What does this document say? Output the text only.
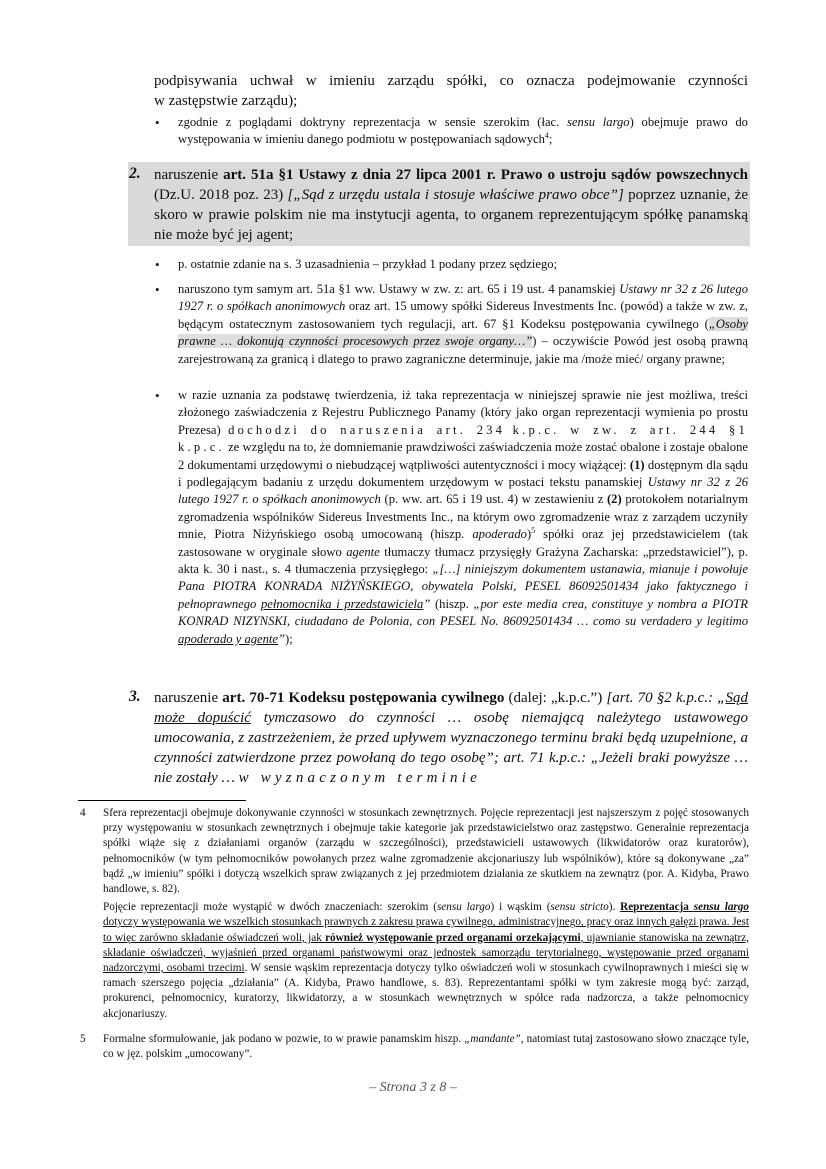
podpisywania uchwał w imieniu zarządu spółki, co oznacza podejmowanie czynności
w zastępstwie zarządu);
• zgodnie z poglądami doktryny reprezentacja w sensie szerokim (łac. sensu largo) obejmuje prawo do występowania w imieniu danego podmiotu w postępowaniach sądowych$^4$;
2. naruszenie art. 51a §1 Ustawy z dnia 27 lipca 2001 r. Prawo o ustroju sądów powszechnych (Dz.U. 2018 poz. 23) [„Sąd z urzędu ustala i stosuje właściwe prawo obce”] poprzez uznanie, że skoro w prawie polskim nie ma instytucji agenta, to organem reprezentującym spółkę panamską nie może być jej agent;
• p. ostatnie zdanie na s. 3 uzasadnienia – przykład 1 podany przez sędziego;
• naruszono tym samym art. 51a §1 ww. Ustawy w zw. z: art. 65 i 19 ust. 4 panamskiej Ustawy nr 32 z 26 lutego 1927 r. o spółkach anonimowych oraz art. 15 umowy spółki Sidereus Investments Inc. (powód) a także w zw. z, będącym ostatecznym zastosowaniem tych regulacji, art. 67 §1 Kodeksu postępowania cywilnego („Osoby prawne … dokonują czynności procesowych przez swoje organy…”) – oczywiście Powód jest osobą prawną zarejestrowaną za granicą i dlatego to prawo zagraniczne determinuje, jakie ma /może mieć/ organy prawne;
• w razie uznania za podstawę twierdzenia, iż taka reprezentacja w niniejszej sprawie nie jest możliwa, treści złożonego zaświadczenia z Rejestru Publicznego Panamy (który jako organ reprezentacji wymienia po prostu Prezesa) dochodzi do naruszenia art. 234 k.p.c. w zw. z art. 244 §1 k.p.c. ze względu na to, że domniemanie prawdziwości zaświadczenia może zostać obalone i zostaje obalone 2 dokumentami urzędowymi o niebudzącej wątpliwości autentyczności i mocy wiążącej: (1) dostępnym dla sądu i podlegającym badaniu z urzędu dokumentem urzędowym w postaci tekstu panamskiej Ustawy nr 32 z 26 lutego 1927 r. o spółkach anonimowych (p. ww. art. 65 i 19 ust. 4) w zestawieniu z (2) protokołem notarialnym zgromadzenia wspólników Sidereus Investments Inc., na którym owo zgromadzenie wraz z zarządem uczyniły mnie, Piotra Niżyńskiego osobą umocowaną (hiszp. apoderado)$^5$ spółki oraz jej przedstawicielem (tak zastosowane w oryginale słowo agente tłumaczy tłumacz przysięgły Grażyna Zacharska: „przedstawiciel”), p. akta k. 30 i nast., s. 4 tłumaczenia przysięgłego: „[…] niniejszym dokumentem ustanawia, mianuje i powołuje Pana PIOTRA KONRADA NIŻYŃSKIEGO, obywatela Polski, PESEL 86092501434 jako faktycznego i pełnoprawnego pełnomocnika i przedstawiciela” (hiszp. „por este media crea, constituye y nombra a PIOTR KONRAD NIZYNSKI, ciudadano de Polonia, con PESEL No. 86092501434 … como su verdadero y legitimo apoderado y agente”);
3. naruszenie art. 70-71 Kodeksu postępowania cywilnego (dalej: „k.p.c.”) [art. 70 §2 k.p.c.: „Sąd może dopuścić tymczasowo do czynności … osobę niemającą należytego ustawowego umocowania, z zastrzeżeniem, że przed upływem wyznaczonego terminu braki będą uzupełnione, a czynności zatwierdzone przez powołaną do tego osobę”; art. 71 k.p.c.: „Jeżeli braki powyższe … nie zostały … w wyznaczonym terminie
4 Sfera reprezentacji obejmuje dokonywanie czynności w stosunkach zewnętrznych. Pojęcie reprezentacji jest najszerszym z pojęć stosowanych przy występowaniu w stosunkach zewnętrznych i obejmuje takie kategorie jak przedstawicielstwo oraz zastępstwo. Generalnie reprezentacja spółki wiąże się z działaniami organów (zarządu w szczególności), przedstawicieli ustawowych (likwidatorów oraz kuratorów), pełnomocników (w tym pełnomocników powołanych przez walne zgromadzenie akcjonariuszy lub wspólników), które są dokonywane „za” bądź „w imieniu” spółki i dotyczą wszelkich spraw związanych z jej przedmiotem działania ze skutkiem na zewnątrz (por. A. Kidyba, Prawo handlowe, s. 82).
Pojęcie reprezentacji może wystąpić w dwóch znaczeniach: szerokim (sensu largo) i wąskim (sensu stricto). Reprezentacja sensu largo dotyczy występowania we wszelkich stosunkach prawnych z zakresu prawa cywilnego, administracyjnego, pracy oraz innych gałęzi prawa. Jest to więc zarówno składanie oświadczeń woli, jak również występowanie przed organami orzekającymi, ujawnianie stanowiska na zewnątrz, składanie oświadczeń, wyjaśnień przed organami państwowymi oraz jednostek samorządu terytorialnego, występowanie przed organami nadzorczymi, osobami trzecimi. W sensie wąskim reprezentacja dotyczy tylko oświadczeń woli w stosunkach cywilnoprawnych i mieści się w ramach szerszego pojęcia „działania” (A. Kidyba, Prawo handlowe, s. 83). Reprezentantami spółki w tym zakresie mogą być: zarząd, prokurenci, pełnomocnicy, kuratorzy, likwidatorzy, a w stosunkach wewnętrznych w spółce rada nadzorcza, a także pełnomocnicy akcjonariuszy.
5 Formalne sformułowanie, jak podano w pozwie, to w prawie panamskim hiszp. „mandante”, natomiast tutaj zastosowano słowo znaczące tyle, co w jęz. polskim „umocowany”.
– Strona 3 z 8 –
